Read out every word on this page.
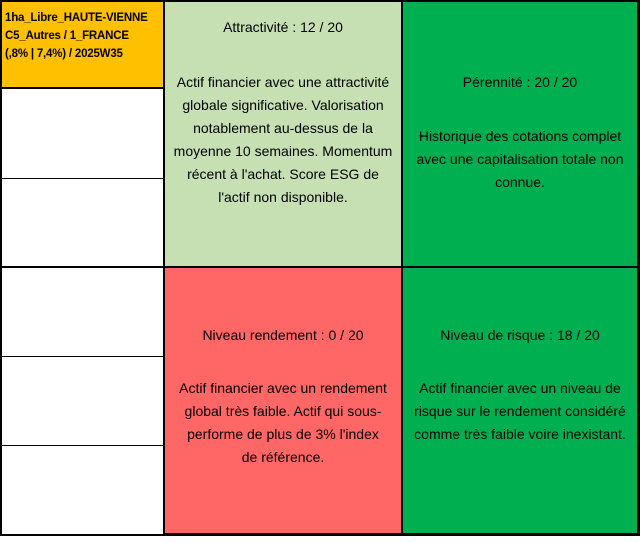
1ha_Libre_HAUTE-VIENNE
C5_Autres / 1_FRANCE
(,8% | 7,4%) / 2025W35
Attractivité : 12 / 20
Actif financier avec une attractivité globale significative. Valorisation notablement au-dessus de la moyenne 10 semaines. Momentum récent à l'achat. Score ESG de l'actif non disponible.
Pérennité : 20 / 20
Historique des cotations complet avec une capitalisation totale non connue.
Niveau rendement : 0 / 20
Actif financier avec un rendement global très faible. Actif qui sous-performe de plus de 3% l'index de référence.
Niveau de risque : 18 / 20
Actif financier avec un niveau de risque sur le rendement considéré comme très faible voire inexistant.
